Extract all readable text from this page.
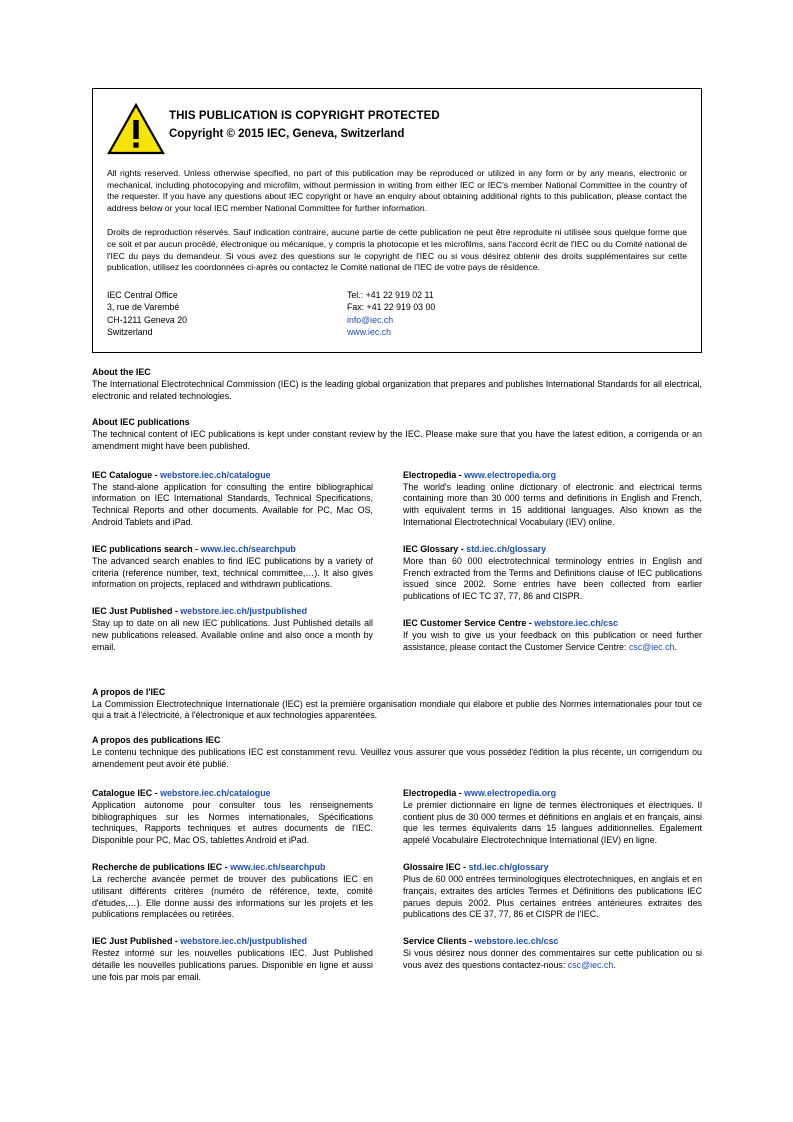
THIS PUBLICATION IS COPYRIGHT PROTECTED
Copyright © 2015 IEC, Geneva, Switzerland
All rights reserved. Unless otherwise specified, no part of this publication may be reproduced or utilized in any form or by any means, electronic or mechanical, including photocopying and microfilm, without permission in writing from either IEC or IEC's member National Committee in the country of the requester. If you have any questions about IEC copyright or have an enquiry about obtaining additional rights to this publication, please contact the address below or your local IEC member National Committee for further information.
Droits de reproduction réservés. Sauf indication contraire, aucune partie de cette publication ne peut être reproduite ni utilisée sous quelque forme que ce soit et par aucun procédé, électronique ou mécanique, y compris la photocopie et les microfilms, sans l'accord écrit de l'IEC ou du Comité national de l'IEC du pays du demandeur. Si vous avez des questions sur le copyright de l'IEC ou si vous désirez obtenir des droits supplémentaires sur cette publication, utilisez les coordonnées ci-après ou contactez le Comité national de l'IEC de votre pays de résidence.
IEC Central Office
3, rue de Varembé
CH-1211 Geneva 20
Switzerland
Tel.: +41 22 919 02 11
Fax: +41 22 919 03 00
info@iec.ch
www.iec.ch
About the IEC
The International Electrotechnical Commission (IEC) is the leading global organization that prepares and publishes International Standards for all electrical, electronic and related technologies.
About IEC publications
The technical content of IEC publications is kept under constant review by the IEC. Please make sure that you have the latest edition, a corrigenda or an amendment might have been published.
IEC Catalogue - webstore.iec.ch/catalogue
The stand-alone application for consulting the entire bibliographical information on IEC International Standards, Technical Specifications, Technical Reports and other documents. Available for PC, Mac OS, Android Tablets and iPad.
IEC publications search - www.iec.ch/searchpub
The advanced search enables to find IEC publications by a variety of criteria (reference number, text, technical committee,…). It also gives information on projects, replaced and withdrawn publications.
IEC Just Published - webstore.iec.ch/justpublished
Stay up to date on all new IEC publications. Just Published details all new publications released. Available online and also once a month by email.
Electropedia - www.electropedia.org
The world's leading online dictionary of electronic and electrical terms containing more than 30 000 terms and definitions in English and French, with equivalent terms in 15 additional languages. Also known as the International Electrotechnical Vocabulary (IEV) online.
IEC Glossary - std.iec.ch/glossary
More than 60 000 electrotechnical terminology entries in English and French extracted from the Terms and Definitions clause of IEC publications issued since 2002. Some entries have been collected from earlier publications of IEC TC 37, 77, 86 and CISPR.
IEC Customer Service Centre - webstore.iec.ch/csc
If you wish to give us your feedback on this publication or need further assistance, please contact the Customer Service Centre: csc@iec.ch.
A propos de l'IEC
La Commission Electrotechnique Internationale (IEC) est la première organisation mondiale qui élabore et publie des Normes internationales pour tout ce qui a trait à l'électricité, à l'électronique et aux technologies apparentées.
A propos des publications IEC
Le contenu technique des publications IEC est constamment revu. Veuillez vous assurer que vous possédez l'édition la plus récente, un corrigendum ou amendement peut avoir été publié.
Catalogue IEC - webstore.iec.ch/catalogue
Application autonome pour consulter tous les renseignements bibliographiques sur les Normes internationales, Spécifications techniques, Rapports techniques et autres documents de l'IEC. Disponible pour PC, Mac OS, tablettes Android et iPad.
Recherche de publications IEC - www.iec.ch/searchpub
La recherche avancée permet de trouver des publications IEC en utilisant différents critères (numéro de référence, texte, comité d'études,…). Elle donne aussi des informations sur les projets et les publications remplacées ou retirées.
IEC Just Published - webstore.iec.ch/justpublished
Restez informé sur les nouvelles publications IEC. Just Published détaille les nouvelles publications parues. Disponible en ligne et aussi une fois par mois par email.
Electropedia - www.electropedia.org
Le premier dictionnaire en ligne de termes électroniques et électriques. Il contient plus de 30 000 termes et définitions en anglais et en français, ainsi que les termes équivalents dans 15 langues additionnelles. Egalement appelé Vocabulaire Electrotechnique International (IEV) en ligne.
Glossaire IEC - std.iec.ch/glossary
Plus de 60 000 entrées terminologiques électrotechniques, en anglais et en français, extraites des articles Termes et Définitions des publications IEC parues depuis 2002. Plus certaines entrées antérieures extraites des publications des CE 37, 77, 86 et CISPR de l'IEC.
Service Clients - webstore.iec.ch/csc
Si vous désirez nous donner des commentaires sur cette publication ou si vous avez des questions contactez-nous: csc@iec.ch.
